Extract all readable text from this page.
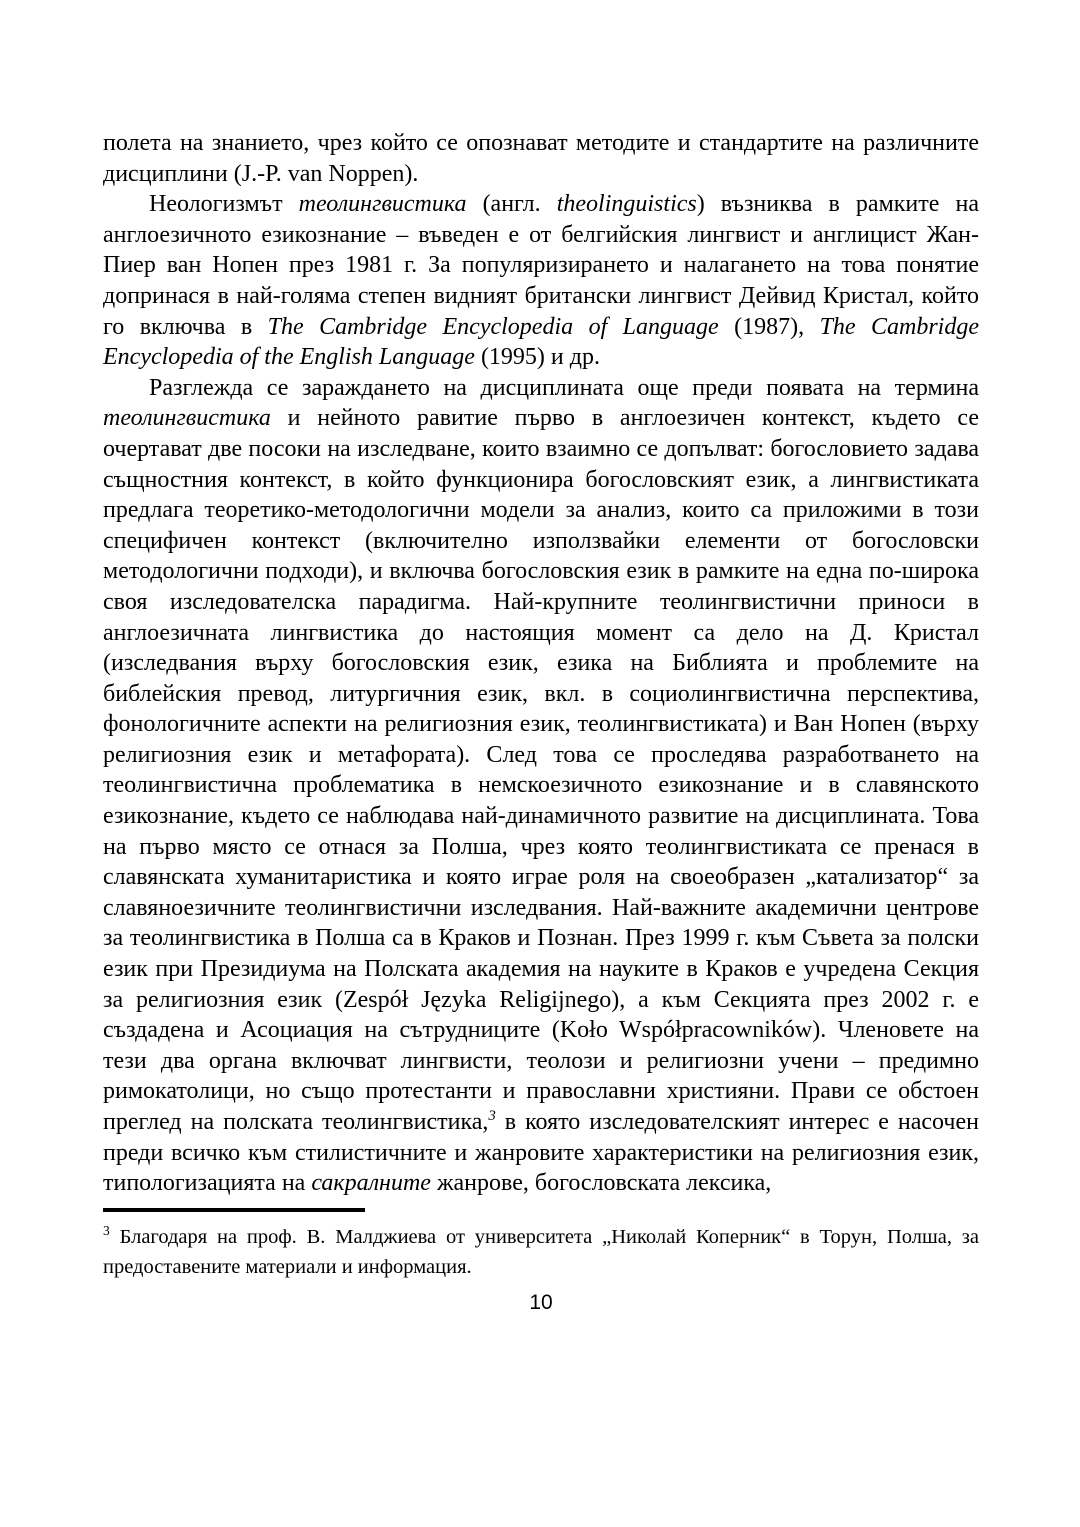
полета на знанието, чрез който се опознават методите и стандартите на различните дисциплини (J.-P. van Noppen).

Неологизмът теолингвистика (англ. theolinguistics) възниква в рамките на англоезичното езикознание – въведен е от белгийския лингвист и англицист Жан-Пиер ван Нопен през 1981 г. За популяризирането и налагането на това понятие допринася в най-голяма степен видният британски лингвист Дейвид Кристал, който го включва в The Cambridge Encyclopedia of Language (1987), The Cambridge Encyclopedia of the English Language (1995) и др.

Разглежда се зараждането на дисциплината още преди появата на термина теолингвистика и нейното равитие първо в англоезичен контекст, където се очертават две посоки на изследване, които взаимно се допълват: богословието задава същностния контекст, в който функционира богословският език, а лингвистиката предлага теоретико-методологични модели за анализ, които са приложими в този специфичен контекст (включително използвайки елементи от богословски методологични подходи), и включва богословския език в рамките на една по-широка своя изследователска парадигма. Най-крупните теолингвистични приноси в англоезичната лингвистика до настоящия момент са дело на Д. Кристал (изследвания върху богословския език, езика на Библията и проблемите на библейския превод, литургичния език, вкл. в социолингвистична перспектива, фонологичните аспекти на религиозния език, теолингвистиката) и Ван Нопен (върху религиозния език и метафората). След това се проследява разработването на теолингвистична проблематика в немскоезичното езикознание и в славянското езикознание, където се наблюдава най-динамичното развитие на дисциплината. Това на първо място се отнася за Полша, чрез която теолингвистиката се пренася в славянската хуманитаристика и която играе роля на своеобразен „катализатор“ за славяноезичните теолингвистични изследвания. Най-важните академични центрове за теолингвистика в Полша са в Краков и Познан. През 1999 г. към Съвета за полски език при Президиума на Полската академия на науките в Краков е учредена Секция за религиозния език (Zespół Języka Religijnego), а към Секцията през 2002 г. е създадена и Асоциация на сътрудниците (Koło Współpracowników). Членовете на тези два органа включват лингвисти, теолози и религиозни учени – предимно римокатолици, но също протестанти и православни християни. Прави се обстоен преглед на полската теолингвистика,$^3$ в която изследователският интерес е насочен преди всичко към стилистичните и жанровите характеристики на религиозния език, типологизацията на сакралните жанрове, богословската лексика,

$^3$ Благодаря на проф. В. Малджиева от университета „Николай Коперник“ в Торун, Полша, за предоставените материали и информация.

10
